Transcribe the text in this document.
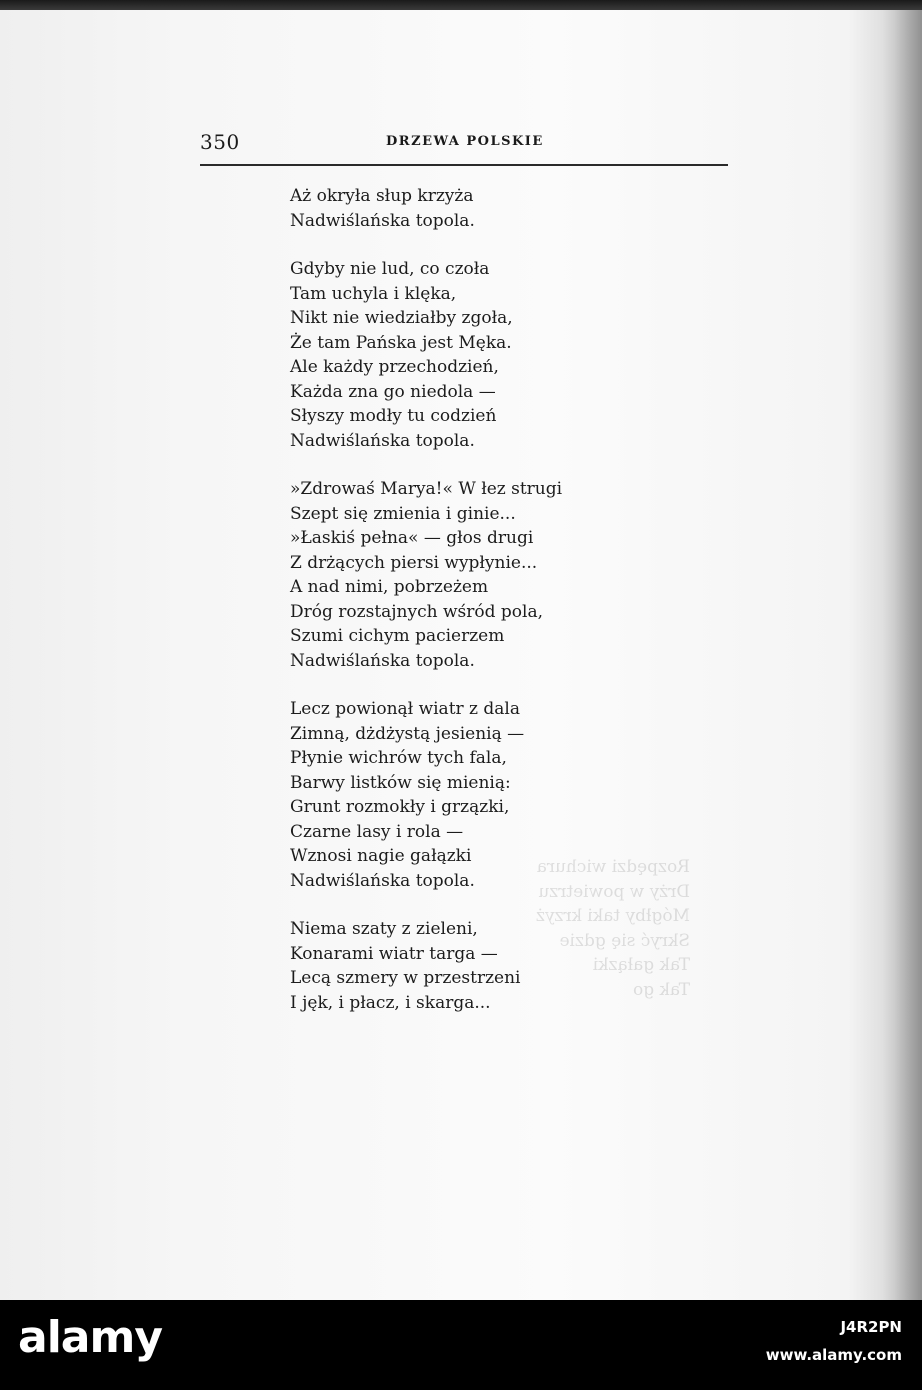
350	DRZEWA POLSKIE
Aż okryła słup krzyża
Nadwiślańska topola.
Gdyby nie lud, co czoła
Tam uchyla i klęka,
Nikt nie wiedziałby zgoła,
Że tam Pańska jest Męka.
Ale każdy przechodzień,
Każda zna go niedola —
Słyszy modły tu codzień
Nadwiślańska topola.
»Zdrowaś Marya!« W łez strugi
Szept się zmienia i ginie...
»Łaskiś pełna« — głos drugi
Z drżących piersi wypłynie...
A nad nimi, pobrzeżem
Dróg rozstajnych wśród pola,
Szumi cichym pacierzem
Nadwiślańska topola.
Lecz powionął wiatr z dala
Zimną, dżdżystą jesienią —
Płynie wichrów tych fala,
Barwy listków się mienią:
Grunt rozmokły i grzązki,
Czarne lasy i rola —
Wznosi nagie gałązki
Nadwiślańska topola.
Niema szaty z zieleni,
Konarami wiatr targa —
Lecą szmery w przestrzeni
I jęk, i płacz, i skarga...
alamy	J4R2PN
www.alamy.com
